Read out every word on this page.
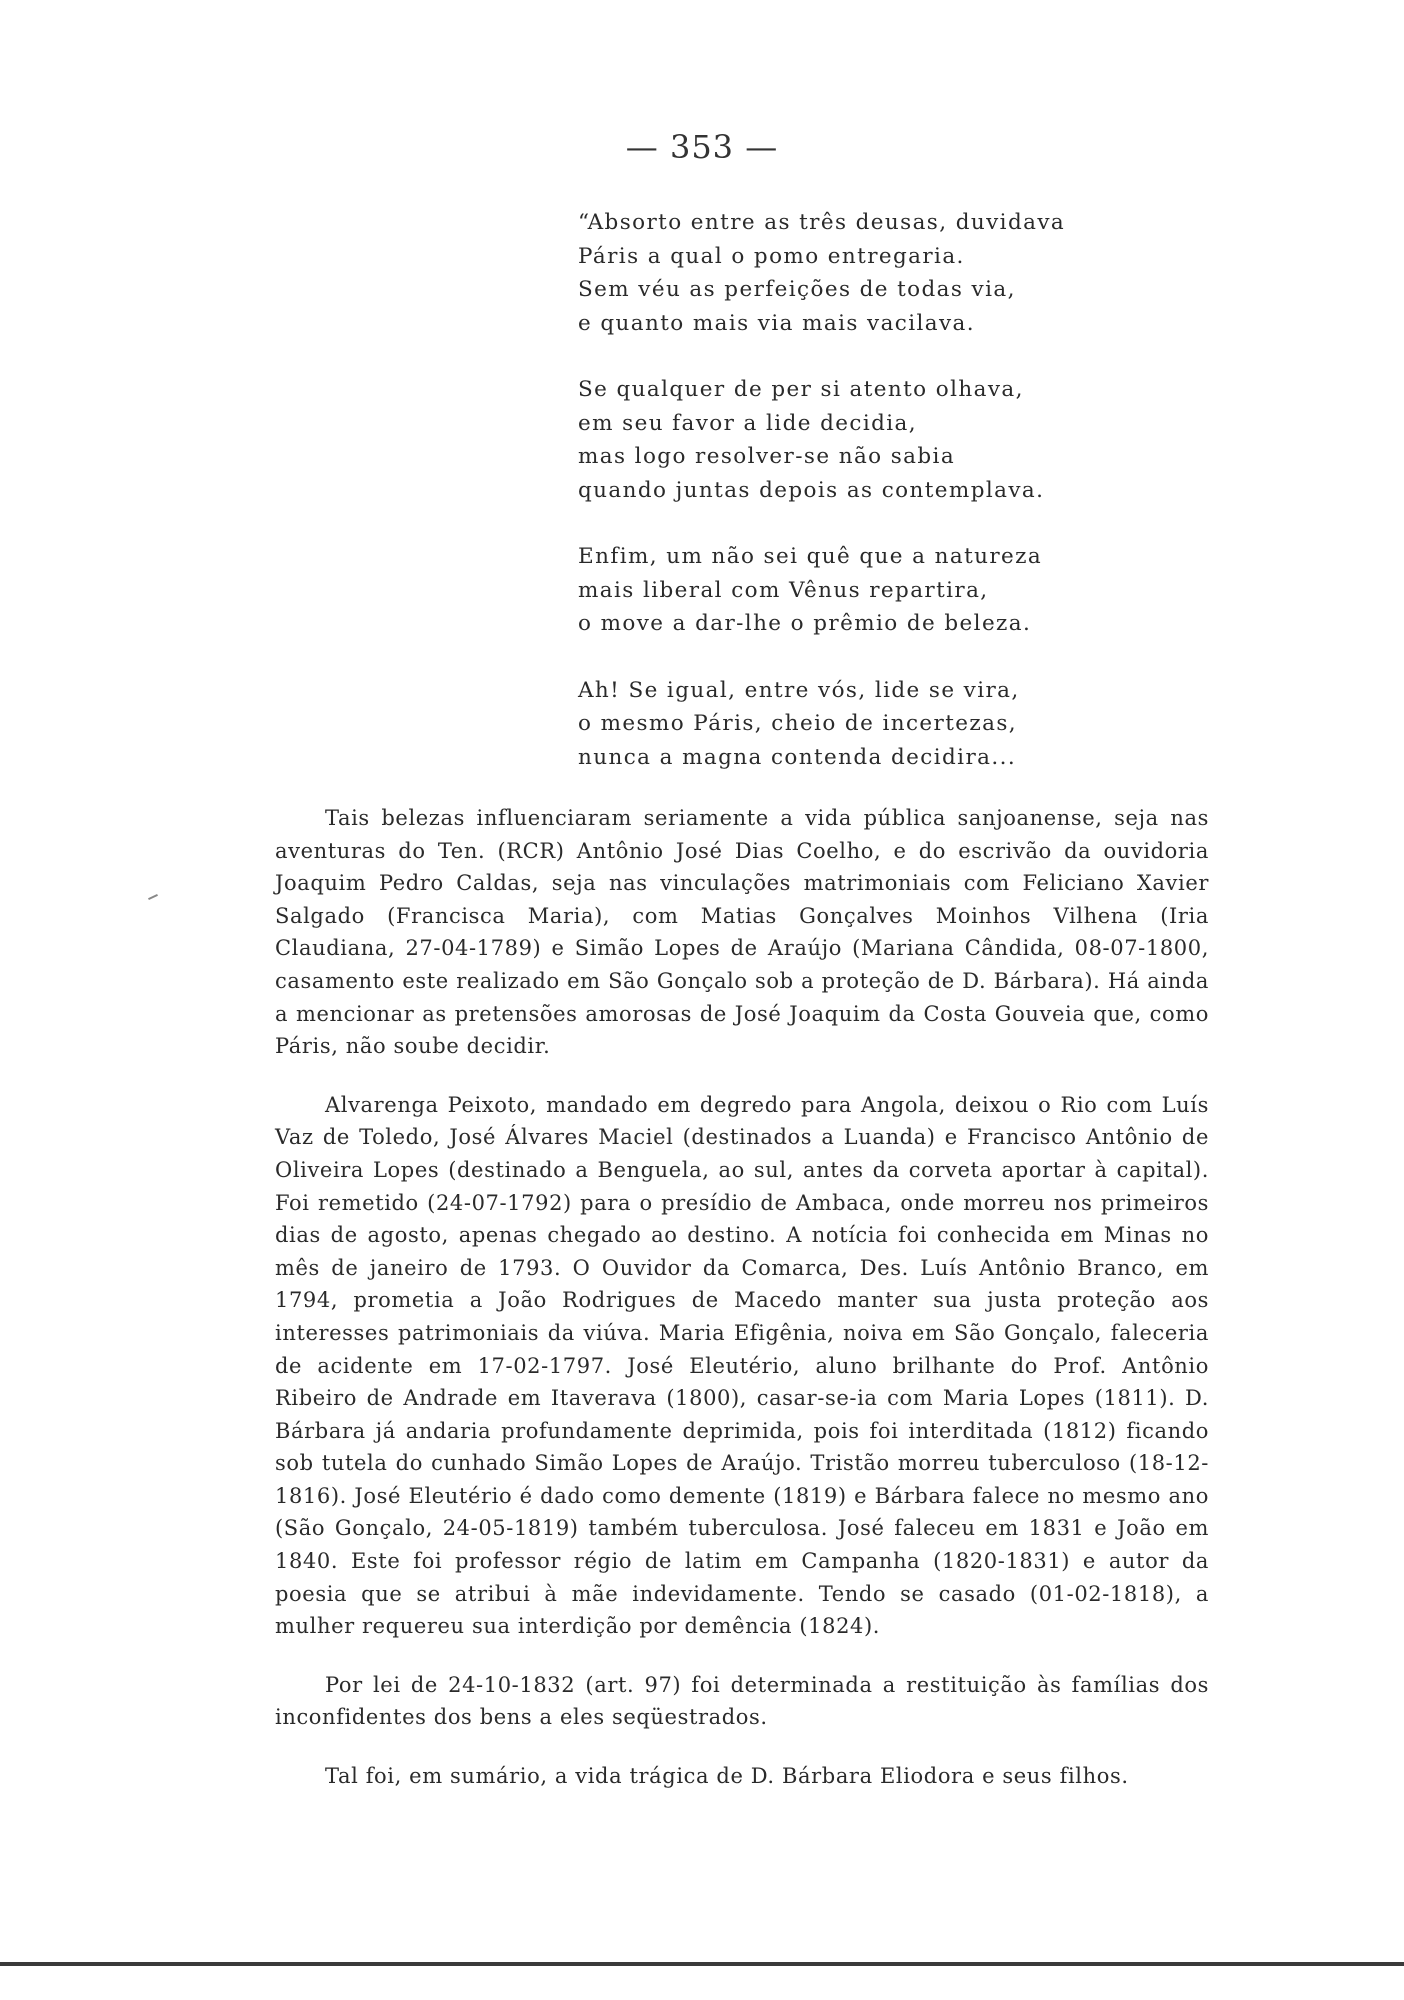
— 353 —
“Absorto entre as três deusas, duvidava
Páris a qual o pomo entregaria.
Sem véu as perfeições de todas via,
e quanto mais via mais vacilava.
Se qualquer de per si atento olhava,
em seu favor a lide decidia,
mas logo resolver-se não sabia
quando juntas depois as contemplava.
Enfim, um não sei quê que a natureza
mais liberal com Vênus repartira,
o move a dar-lhe o prêmio de beleza.
Ah! Se igual, entre vós, lide se vira,
o mesmo Páris, cheio de incertezas,
nunca a magna contenda decidira...

Tais belezas influenciaram seriamente a vida pública sanjoanense, seja nas aventuras do Ten. (RCR) Antônio José Dias Coelho, e do escrivão da ouvidoria Joaquim Pedro Caldas, seja nas vinculações matrimoniais com Feliciano Xavier Salgado (Francisca Maria), com Matias Gonçalves Moinhos Vilhena (Iria Claudiana, 27-04-1789) e Simão Lopes de Araújo (Mariana Cândida, 08-07-1800, casamento este realizado em São Gonçalo sob a proteção de D. Bárbara). Há ainda a mencionar as pretensões amorosas de José Joaquim da Costa Gouveia que, como Páris, não soube decidir.

Alvarenga Peixoto, mandado em degredo para Angola, deixou o Rio com Luís Vaz de Toledo, José Álvares Maciel (destinados a Luanda) e Francisco Antônio de Oliveira Lopes (destinado a Benguela, ao sul, antes da corveta aportar à capital). Foi remetido (24-07-1792) para o presídio de Ambaca, onde morreu nos primeiros dias de agosto, apenas chegado ao destino. A notícia foi conhecida em Minas no mês de janeiro de 1793. O Ouvidor da Comarca, Des. Luís Antônio Branco, em 1794, prometia a João Rodrigues de Macedo manter sua justa proteção aos interesses patrimoniais da viúva. Maria Efigênia, noiva em São Gonçalo, faleceria de acidente em 17-02-1797. José Eleutério, aluno brilhante do Prof. Antônio Ribeiro de Andrade em Itaverava (1800), casar-se-ia com Maria Lopes (1811). D. Bárbara já andaria profundamente deprimida, pois foi interditada (1812) ficando sob tutela do cunhado Simão Lopes de Araújo. Tristão morreu tuberculoso (18-12-1816). José Eleutério é dado como demente (1819) e Bárbara falece no mesmo ano (São Gonçalo, 24-05-1819) também tuberculosa. José faleceu em 1831 e João em 1840. Este foi professor régio de latim em Campanha (1820-1831) e autor da poesia que se atribui à mãe indevidamente. Tendo se casado (01-02-1818), a mulher requereu sua interdição por demência (1824).

Por lei de 24-10-1832 (art. 97) foi determinada a restituição às famílias dos inconfidentes dos bens a eles seqüestrados.

Tal foi, em sumário, a vida trágica de D. Bárbara Eliodora e seus filhos.
